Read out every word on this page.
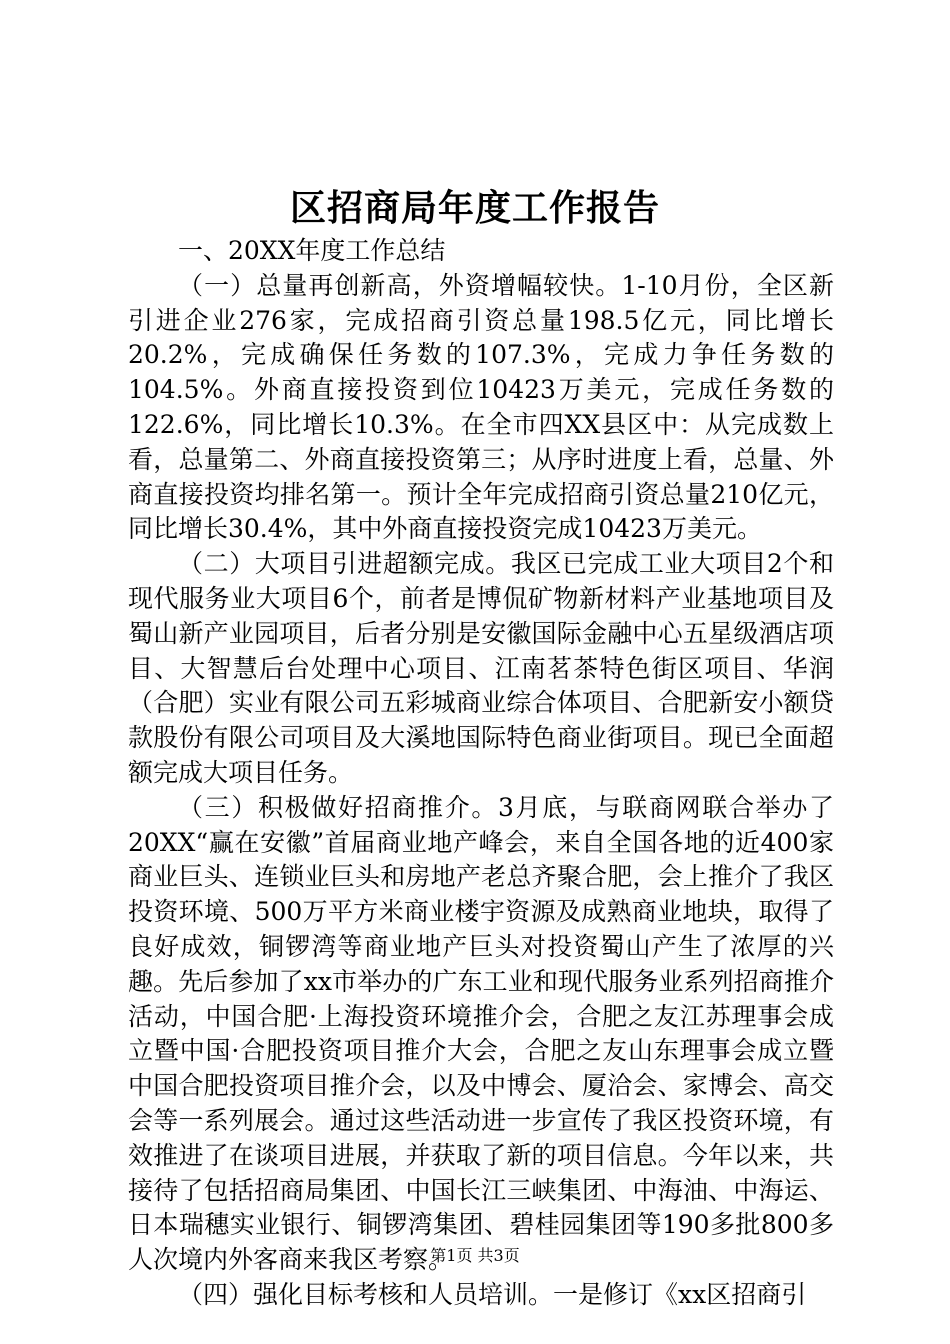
区招商局年度工作报告

一、20XX年度工作总结

（一）总量再创新高，外资增幅较快。1-10月份，全区新引进企业276家，完成招商引资总量198.5亿元，同比增长20.2%，完成确保任务数的107.3%，完成力争任务数的104.5%。外商直接投资到位10423万美元，完成任务数的122.6%，同比增长10.3%。在全市四XX县区中：从完成数上看，总量第二、外商直接投资第三；从序时进度上看，总量、外商直接投资均排名第一。预计全年完成招商引资总量210亿元，同比增长30.4%，其中外商直接投资完成10423万美元。

（二）大项目引进超额完成。我区已完成工业大项目2个和现代服务业大项目6个，前者是博侃矿物新材料产业基地项目及蜀山新产业园项目，后者分别是安徽国际金融中心五星级酒店项目、大智慧后台处理中心项目、江南茗茶特色街区项目、华润（合肥）实业有限公司五彩城商业综合体项目、合肥新安小额贷款股份有限公司项目及大溪地国际特色商业街项目。现已全面超额完成大项目任务。

（三）积极做好招商推介。3月底，与联商网联合举办了20XX“赢在安徽”首届商业地产峰会，来自全国各地的近400家商业巨头、连锁业巨头和房地产老总齐聚合肥，会上推介了我区投资环境、500万平方米商业楼宇资源及成熟商业地块，取得了良好成效，铜锣湾等商业地产巨头对投资蜀山产生了浓厚的兴趣。先后参加了xx市举办的广东工业和现代服务业系列招商推介活动，中国合肥·上海投资环境推介会，合肥之友江苏理事会成立暨中国·合肥投资项目推介大会，合肥之友山东理事会成立暨中国合肥投资项目推介会，以及中博会、厦洽会、家博会、高交会等一系列展会。通过这些活动进一步宣传了我区投资环境，有效推进了在谈项目进展，并获取了新的项目信息。今年以来，共接待了包括招商局集团、中国长江三峡集团、中海油、中海运、日本瑞穗实业银行、铜锣湾集团、碧桂园集团等190多批800多人次境内外客商来我区考察。

（四）强化目标考核和人员培训。一是修订《xx区招商引

第1页 共3页
